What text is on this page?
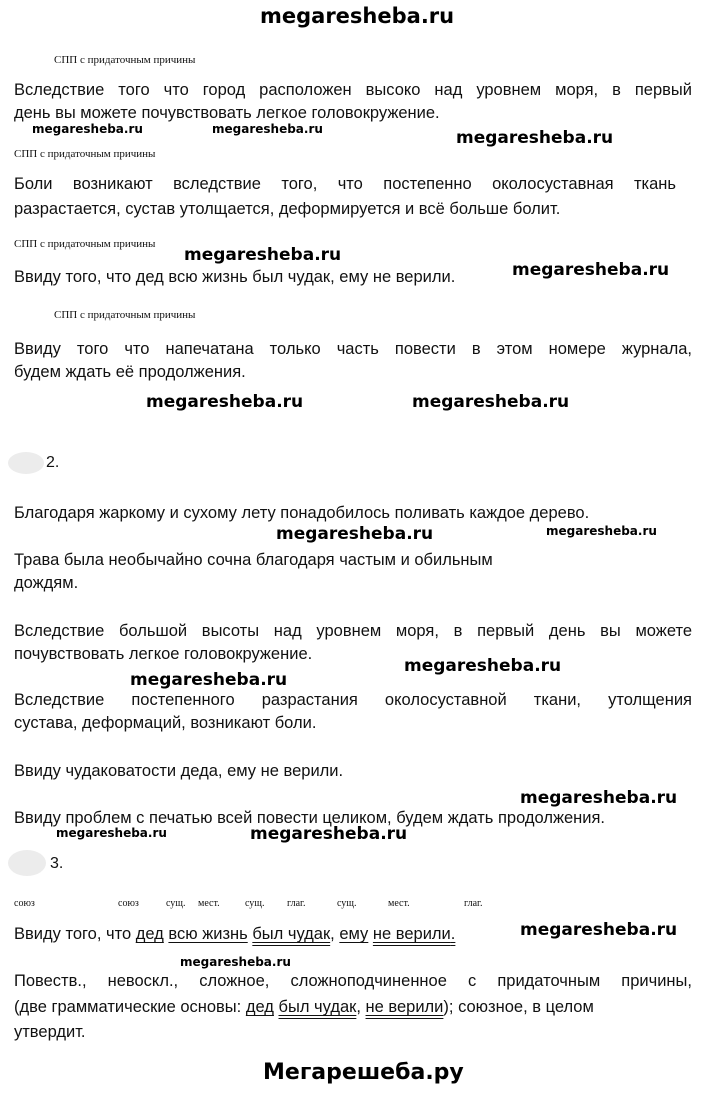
megaresheba.ru
СПП с придаточным причины
Вследствие того что город расположен высоко над уровнем моря, в первый
день вы можете почувствовать легкое головокружение.
megaresheba.ru	megaresheba.ru	megaresheba.ru
СПП с придаточным причины
Боли возникают вследствие того, что постепенно околосуставная ткань
разрастается, сустав утолщается, деформируется и всё больше болит.
СПП с придаточным причины
megaresheba.ru
Ввиду того, что дед всю жизнь был чудак, ему не верили.	megaresheba.ru
СПП с придаточным причины
Ввиду того что напечатана только часть повести в этом номере журнала,
будем ждать её продолжения.
megaresheba.ru	megaresheba.ru
2.
Благодаря жаркому и сухому лету понадобилось поливать каждое дерево.
megaresheba.ru	megaresheba.ru
Трава была необычайно сочна благодаря частым и обильным
дождям.
Вследствие большой высоты над уровнем моря, в первый день вы можете
почувствовать легкое головокружение.
megaresheba.ru
megaresheba.ru
Вследствие постепенного разрастания околосуставной ткани, утолщения
сустава, деформаций, возникают боли.
Ввиду чудаковатости деда, ему не верили.
megaresheba.ru
Ввиду проблем с печатью всей повести целиком, будем ждать продолжения.
megaresheba.ru	megaresheba.ru
3.
союз	союз	сущ. мест.	сущ. глаг.	сущ.	мест.	глаг.
Ввиду того, что дед всю жизнь был чудак, ему не верили.	megaresheba.ru
megaresheba.ru
Повеств., невоскл., сложное, сложноподчиненное с придаточным причины,
(две грамматические основы: дед был чудак, не верили); союзное, в целом
утвердит.
Мегарешеба.ру
